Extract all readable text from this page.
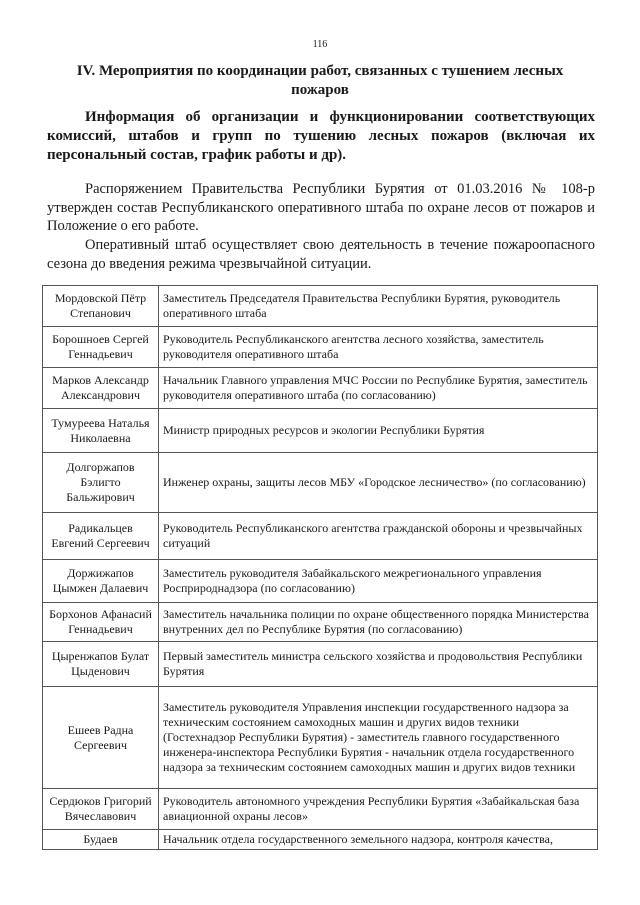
116
IV. Мероприятия по координации работ, связанных с тушением лесных пожаров
Информация об организации и функционировании соответствующих комиссий, штабов и групп по тушению лесных пожаров (включая их персональный состав, график работы и др).

Распоряжением Правительства Республики Бурятия от 01.03.2016 № 108-р утвержден состав Республиканского оперативного штаба по охране лесов от пожаров и Положение о его работе.

Оперативный штаб осуществляет свою деятельность в течение пожароопасного сезона до введения режима чрезвычайной ситуации.

Мордовской Пётр Степанович	Заместитель Председателя Правительства Республики Бурятия, руководитель оперативного штаба
Борошноев Сергей Геннадьевич	Руководитель Республиканского агентства лесного хозяйства, заместитель руководителя оперативного штаба
Марков Александр Александрович	Начальник Главного управления МЧС России по Республике Бурятия, заместитель руководителя оперативного штаба (по согласованию)
Тумуреева Наталья Николаевна	Министр природных ресурсов и экологии Республики Бурятия
Долгоржапов Бэлигто Бальжирович	Инженер охраны, защиты лесов МБУ «Городское лесничество» (по согласованию)
Радикальцев Евгений Сергеевич	Руководитель Республиканского агентства гражданской обороны и чрезвычайных ситуаций
Доржижапов Цымжен Далаевич	Заместитель руководителя Забайкальского межрегионального управления Росприроднадзора (по согласованию)
Борхонов Афанасий Геннадьевич	Заместитель начальника полиции по охране общественного порядка Министерства внутренних дел по Республике Бурятия (по согласованию)
Цыренжапов Булат Цыденович	Первый заместитель министра сельского хозяйства и продовольствия Республики Бурятия
Ешеев Радна Сергеевич	Заместитель руководителя Управления инспекции государственного надзора за техническим состоянием самоходных машин и других видов техники (Гостехнадзор Республики Бурятия) - заместитель главного государственного инженера-инспектора Республики Бурятия - начальник отдела государственного надзора за техническим состоянием самоходных машин и других видов техники
Сердюков Григорий Вячеславович	Руководитель автономного учреждения Республики Бурятия «Забайкальская база авиационной охраны лесов»
Будаев	Начальник отдела государственного земельного надзора, контроля качества,
